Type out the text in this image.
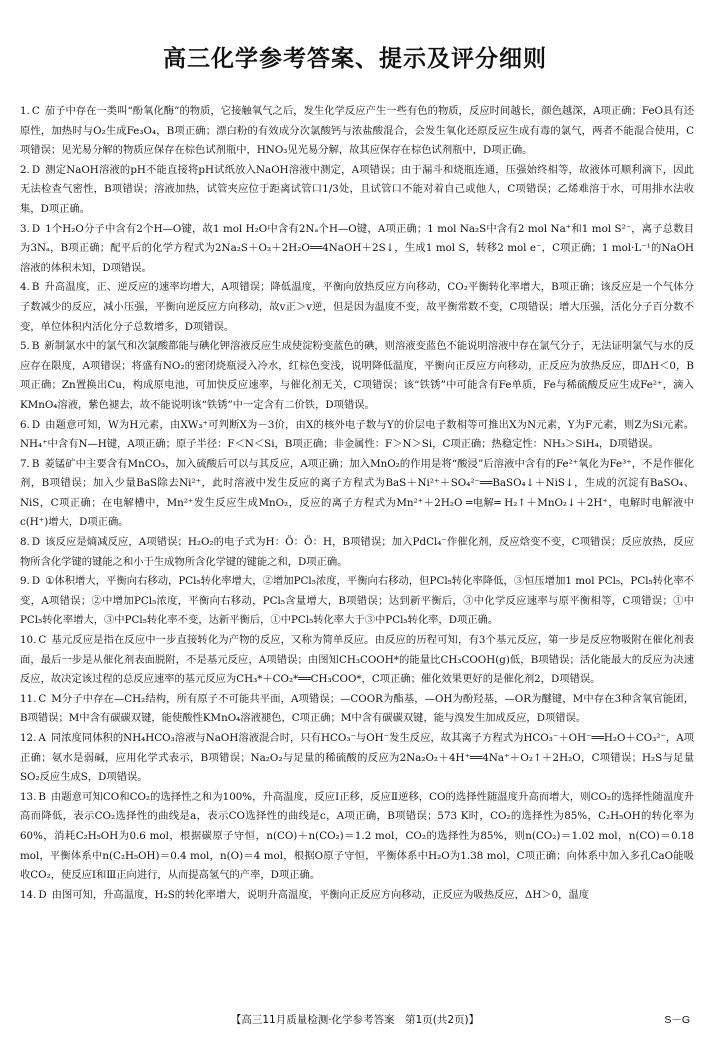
高三化学参考答案、提示及评分细则

1. C 茄子中存在一类叫“酚氧化酶”的物质，它接触氧气之后，发生化学反应产生一些有色的物质，反应时间越长，颜色越深，A项正确；FeO具有还原性，加热时与O₂生成Fe₃O₄，B项正确；漂白粉的有效成分次氯酸钙与浓盐酸混合，会发生氧化还原反应生成有毒的氯气，两者不能混合使用，C项错误；见光易分解的物质应保存在棕色试剂瓶中，HNO₃见光易分解，故其应保存在棕色试剂瓶中，D项正确。

2. D 测定NaOH溶液的pH不能直接将pH试纸放入NaOH溶液中测定，A项错误；由于漏斗和烧瓶连通，压强始终相等，故液体可顺利滴下，因此无法检查气密性，B项错误；溶液加热，试管夹应位于距离试管口1/3处，且试管口不能对着自己或他人，C项错误；乙烯难溶于水，可用排水法收集，D项正确。

3. D 1个H₂O分子中含有2个H—O键，故1 mol H₂O中含有2Nₐ个H—O键，A项正确；1 mol Na₂S中含有2 mol Na⁺和1 mol S²⁻，离子总数目为3Nₐ，B项正确；配平后的化学方程式为2Na₂S＋O₂＋2H₂O══4NaOH＋2S↓，生成1 mol S，转移2 mol e⁻，C项正确；1 mol·L⁻¹的NaOH溶液的体积未知，D项错误。

4. B 升高温度，正、逆反应的速率均增大，A项错误；降低温度，平衡向放热反应方向移动，CO₂平衡转化率增大，B项正确；该反应是一个气体分子数减少的反应，减小压强，平衡向逆反应方向移动，故v正＞v逆，但是因为温度不变，故平衡常数不变，C项错误；增大压强，活化分子百分数不变，单位体积内活化分子总数增多，D项错误。

5. B 新制氯水中的氯气和次氯酸都能与碘化钾溶液反应生成使淀粉变蓝色的碘，则溶液变蓝色不能说明溶液中存在氯气分子，无法证明氯气与水的反应存在限度，A项错误；将盛有NO₂的密闭烧瓶浸入冷水，红棕色变浅，说明降低温度，平衡向正反应方向移动，正反应为放热反应，即ΔH＜0，B项正确；Zn置换出Cu，构成原电池，可加快反应速率，与催化剂无关，C项错误；该“铁锈”中可能含有Fe单质，Fe与稀硫酸反应生成Fe²⁺，滴入KMnO₄溶液，紫色褪去，故不能说明该“铁锈”中一定含有二价铁，D项错误。

6. D 由题意可知，W为H元素，由XW₃⁺可判断X为－3价，由X的核外电子数与Y的价层电子数相等可推出X为N元素，Y为F元素，则Z为Si元素。NH₄⁺中含有N—H键，A项正确；原子半径：F＜N＜Si，B项正确；非金属性：F＞N＞Si，C项正确；热稳定性：NH₃＞SiH₄，D项错误。

7. B 菱锰矿中主要含有MnCO₃，加入硫酸后可以与其反应，A项正确；加入MnO₂的作用是将“酸浸”后溶液中含有的Fe²⁺氧化为Fe³⁺，不是作催化剂，B项错误；加入少量BaS除去Ni²⁺，此时溶液中发生反应的离子方程式为BaS＋Ni²⁺＋SO₄²⁻══BaSO₄↓＋NiS↓，生成的沉淀有BaSO₄、NiS，C项正确；在电解槽中，Mn²⁺发生反应生成MnO₂，反应的离子方程式为Mn²⁺＋2H₂O ═电解═ H₂↑＋MnO₂↓＋2H⁺，电解时电解液中c(H⁺)增大，D项正确。

8. D 该反应是熵减反应，A项错误；H₂O₂的电子式为H：Ö：Ö：H，B项错误；加入PdCl₄⁻作催化剂，反应焓变不变，C项错误；反应放热，反应物所含化学键的键能之和小于生成物所含化学键的键能之和，D项正确。

9. D ①体积增大，平衡向右移动，PCl₅转化率增大，②增加PCl₅浓度，平衡向右移动，但PCl₅转化率降低，③恒压增加1 mol PCl₅，PCl₅转化率不变，A项错误；②中增加PCl₅浓度，平衡向右移动，PCl₅含量增大，B项错误；达到新平衡后，③中化学反应速率与原平衡相等，C项错误；①中PCl₅转化率增大，③中PCl₅转化率不变，达新平衡后，①中PCl₅转化率大于③中PCl₅转化率，D项正确。

10. C 基元反应是指在反应中一步直接转化为产物的反应，又称为简单反应。由反应的历程可知，有3个基元反应，第一步是反应物吸附在催化剂表面，最后一步是从催化剂表面脱附，不是基元反应，A项错误；由图知CH₃COOH*的能量比CH₃COOH(g)低，B项错误；活化能最大的反应为决速反应，故决定该过程的总反应速率的基元反应为CH₃*＋CO₂*══CH₃COO*，C项正确；催化效果更好的是催化剂2，D项错误。

11. C M分子中存在—CH₂结构，所有原子不可能共平面，A项错误；—COOR为酯基，—OH为酚羟基，—OR为醚键，M中存在3种含氧官能团，B项错误；M中含有碳碳双键，能使酸性KMnO₄溶液褪色，C项正确；M中含有碳碳双键，能与溴发生加成反应，D项错误。

12. A 同浓度同体积的NH₄HCO₃溶液与NaOH溶液混合时，只有HCO₃⁻与OH⁻发生反应，故其离子方程式为HCO₃⁻＋OH⁻══H₂O＋CO₃²⁻，A项正确；氨水是弱碱，应用化学式表示，B项错误；Na₂O₂与足量的稀硫酸的反应为2Na₂O₂＋4H⁺══4Na⁺＋O₂↑＋2H₂O，C项错误；H₂S与足量SO₂反应生成S，D项错误。

13. B 由题意可知CO和CO₂的选择性之和为100%，升高温度，反应Ⅰ正移，反应Ⅱ逆移，CO的选择性随温度升高而增大，则CO₂的选择性随温度升高而降低，表示CO₂选择性的曲线是a，表示CO选择性的曲线是c，A项正确，B项错误；573 K时，CO₂的选择性为85%，C₂H₅OH的转化率为60%，消耗C₂H₅OH为0.6 mol，根据碳原子守恒，n(CO)＋n(CO₂)＝1.2 mol，CO₂的选择性为85%，则n(CO₂)＝1.02 mol，n(CO)＝0.18 mol，平衡体系中n(C₂H₅OH)＝0.4 mol，n(O)＝4 mol，根据O原子守恒，平衡体系中H₂O为1.38 mol，C项正确；向体系中加入多孔CaO能吸收CO₂，使反应Ⅰ和Ⅲ正向进行，从而提高氢气的产率，D项正确。

14. D 由图可知，升高温度，H₂S的转化率增大，说明升高温度，平衡向正反应方向移动，正反应为吸热反应，ΔH＞0，温度

【高三11月质量检测·化学参考答案　第1页(共2页)】	S－G
